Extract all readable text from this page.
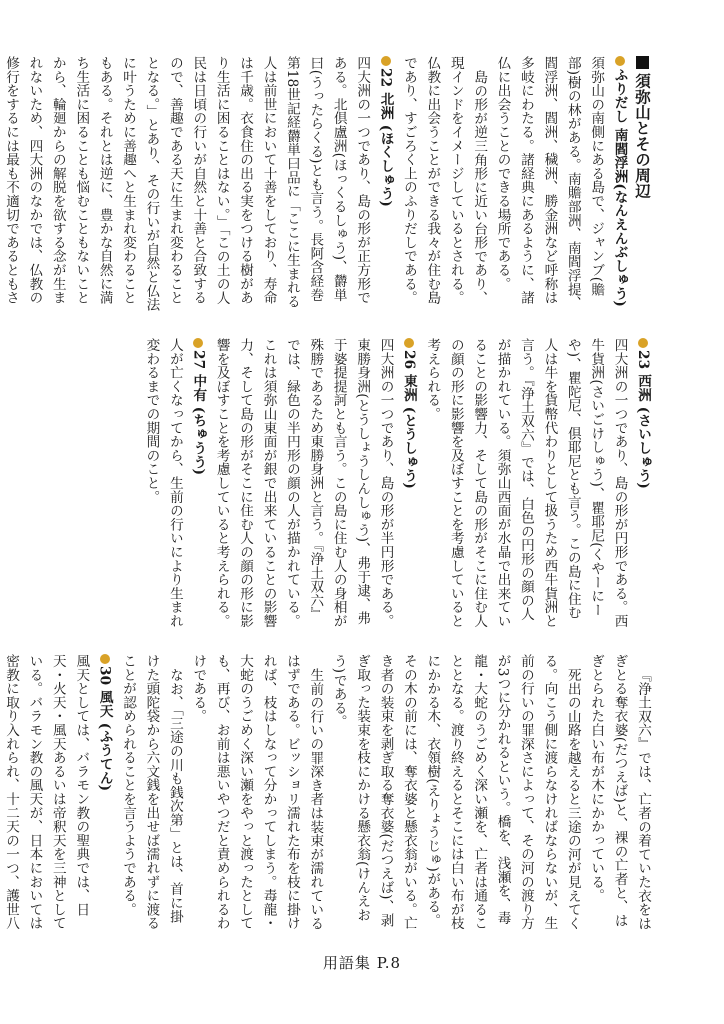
須弥山とその周辺

ふりだし 南閻浮洲(なんえんぶしゅう)

須弥山の南側にある島で、ジャンブ(贍部)樹の林がある。南贍部洲、南閻浮提、閻浮洲、閻洲、穢洲、勝金洲など呼称は多岐にわたる。諸経典にあるように、諸仏に出会うことのできる場所である。

島の形が逆三角形に近い台形であり、現インドをイメージしているとされる。仏教に出会うことができる我々が住む島であり、すごろく上のふりだしである。

22 北洲 (ほくしゅう)

四大洲の一つであり、島の形が正方形である。北倶盧洲(ほっくるしゅう)、欝単曰(うったらくる)とも言う。長阿含経巻第18世記経欝単曰品に「ここに生まれる人は前世において十善をしており、寿命は千歳。衣食住の出る実をつける樹があり生活に困ることはない。」「この土の人民は日頃の行いが自然と十善と合致するので、善趣である天に生まれ変わることとなる。」とあり、その行いが自然と仏法に叶うために善趣へと生まれ変わることもある。それとは逆に、豊かな自然に満ち生活に困ることも悩むこともないことから、輪廻からの解脱を欲する念が生まれないため、四大洲のなかでは、仏教の修行をするには最も不適切であるともさ

23 西洲 (さいしゅう)

四大洲の一つであり、島の形が円形である。西牛貨洲(さいごけしゅう)、瞿耶尼(くやーにーや)、瞿陀尼、倶耶尼とも言う。この島に住む人は牛を貨幣代わりとして扱うため西牛貨洲と言う。『浄土双六』では、白色の円形の顔の人が描かれている。須弥山西面が水晶で出来ていることの影響力、そして島の形がそこに住む人の顔の形に影響を及ぼすことを考慮していると考えられる。

26 東洲 (とうしゅう)

四大洲の一つであり、島の形が半円形である。東勝身洲(とうしょうしんしゅう)、弗于逮、弗于婆提提訶とも言う。この島に住む人の身相が殊勝であるため東勝身洲と言う。『浄土双六』では、緑色の半円形の顔の人が描かれている。これは須弥山東面が銀で出来ていることの影響力、そして島の形がそこに住む人の顔の形に影響を及ぼすことを考慮していると考えられる。

27 中有 (ちゅうう)

人が亡くなってから、生前の行いにより生まれ変わるまでの期間のこと。

『浄土双六』では、亡者の着ていた衣をはぎとる奪衣婆(だつえば)と、裸の亡者と、はぎとられた白い布が木にかかっている。

死出の山路を越えると三途の河が見えてくる。向こう側に渡らなければならないが、生前の行いの罪深さによって、その河の渡り方が3つに分かれるという。橋を、浅瀬を、毒龍・大蛇のうごめく深い瀬を、亡者は通ることとなる。渡り終えるとそこには白い布が枝にかかる木、衣領樹(えりょうじゅ)がある。その木の前には、奪衣婆と懸衣翁がいる。亡き者の装束を剥ぎ取る奪衣婆(だつえば)、剥ぎ取った装束を枝にかける懸衣翁(けんえおう)である。

生前の行いの罪深き者は装束が濡れているはずである。ビッショリ濡れた布を枝に掛ければ、枝はしなって分かってしまう。毒龍・大蛇のうごめく深い瀬をやっと渡ったとしても、再び、お前は悪いやつだと責められるわけである。

なお、「三途の川も銭次第」とは、首に掛けた頭陀袋から六文銭を出せば濡れずに渡ることが認められることを言うようである。

30 風天 (ふうてん)

風天としては、バラモン教の聖典では、日天・火天・風天あるいは帝釈天を三神としている。バラモン教の風天が、日本においては密教に取り入れられ、十二天の一つ、護世八

用語集 P.8
